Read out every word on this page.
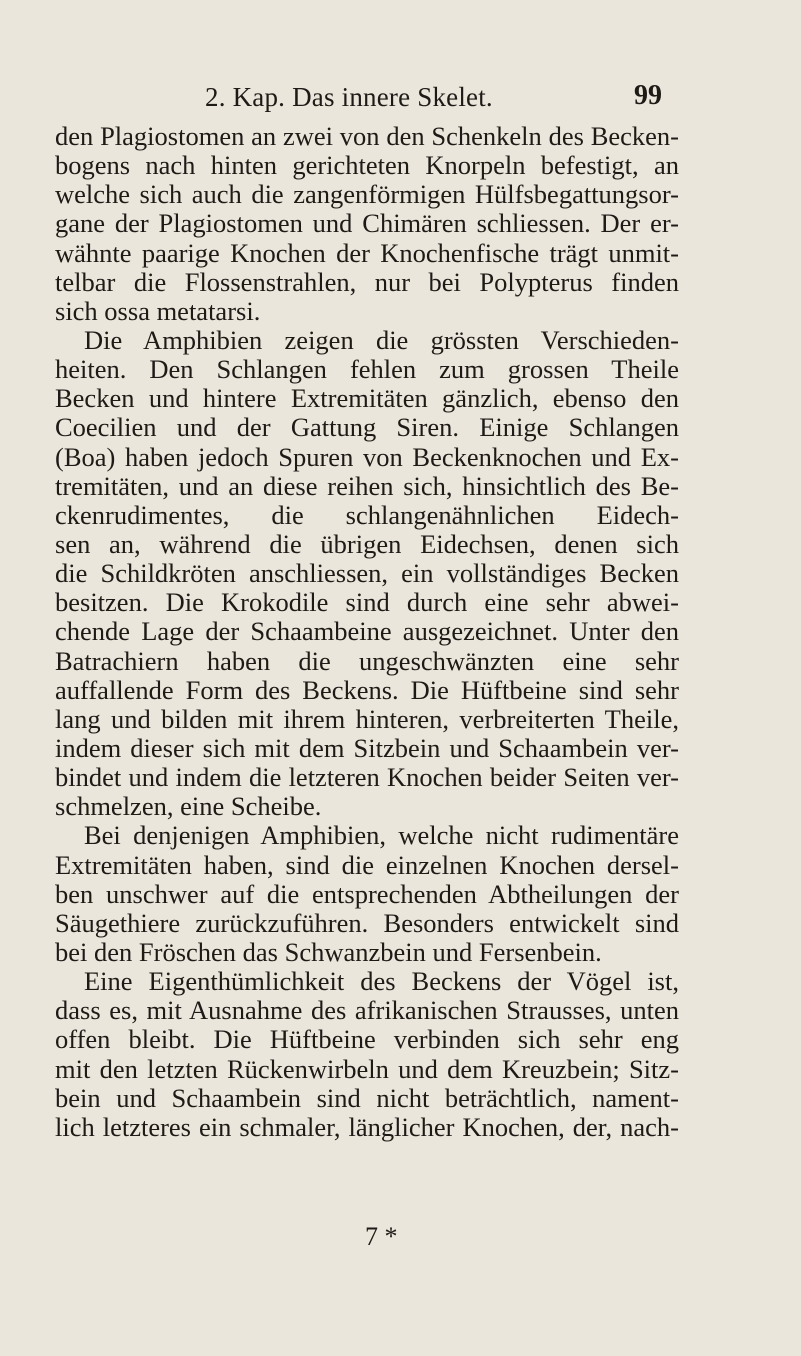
2. Kap. Das innere Skelet.	99
den Plagiostomen an zwei von den Schenkeln des Becken-
bogens nach hinten gerichteten Knorpeln befestigt, an
welche sich auch die zangenförmigen Hülfsbegattungsor-
gane der Plagiostomen und Chimären schliessen. Der er-
wähnte paarige Knochen der Knochenfische trägt unmit-
telbar die Flossenstrahlen, nur bei Polypterus finden
sich ossa metatarsi.
Die Amphibien zeigen die grössten Verschieden-
heiten. Den Schlangen fehlen zum grossen Theile
Becken und hintere Extremitäten gänzlich, ebenso den
Coecilien und der Gattung Siren. Einige Schlangen
(Boa) haben jedoch Spuren von Beckenknochen und Ex-
tremitäten, und an diese reihen sich, hinsichtlich des Be-
ckenrudimentes, die schlangenähnlichen Eidech-
sen an, während die übrigen Eidechsen, denen sich
die Schildkröten anschliessen, ein vollständiges Becken
besitzen. Die Krokodile sind durch eine sehr abwei-
chende Lage der Schaambeine ausgezeichnet. Unter den
Batrachiern haben die ungeschwänzten eine sehr
auffallende Form des Beckens. Die Hüftbeine sind sehr
lang und bilden mit ihrem hinteren, verbreiterten Theile,
indem dieser sich mit dem Sitzbein und Schaambein ver-
bindet und indem die letzteren Knochen beider Seiten ver-
schmelzen, eine Scheibe.
Bei denjenigen Amphibien, welche nicht rudimentäre
Extremitäten haben, sind die einzelnen Knochen dersel-
ben unschwer auf die entsprechenden Abtheilungen der
Säugethiere zurückzuführen. Besonders entwickelt sind
bei den Fröschen das Schwanzbein und Fersenbein.
Eine Eigenthümlichkeit des Beckens der Vögel ist,
dass es, mit Ausnahme des afrikanischen Strausses, unten
offen bleibt. Die Hüftbeine verbinden sich sehr eng
mit den letzten Rückenwirbeln und dem Kreuzbein; Sitz-
bein und Schaambein sind nicht beträchtlich, nament-
lich letzteres ein schmaler, länglicher Knochen, der, nach-
7 *
